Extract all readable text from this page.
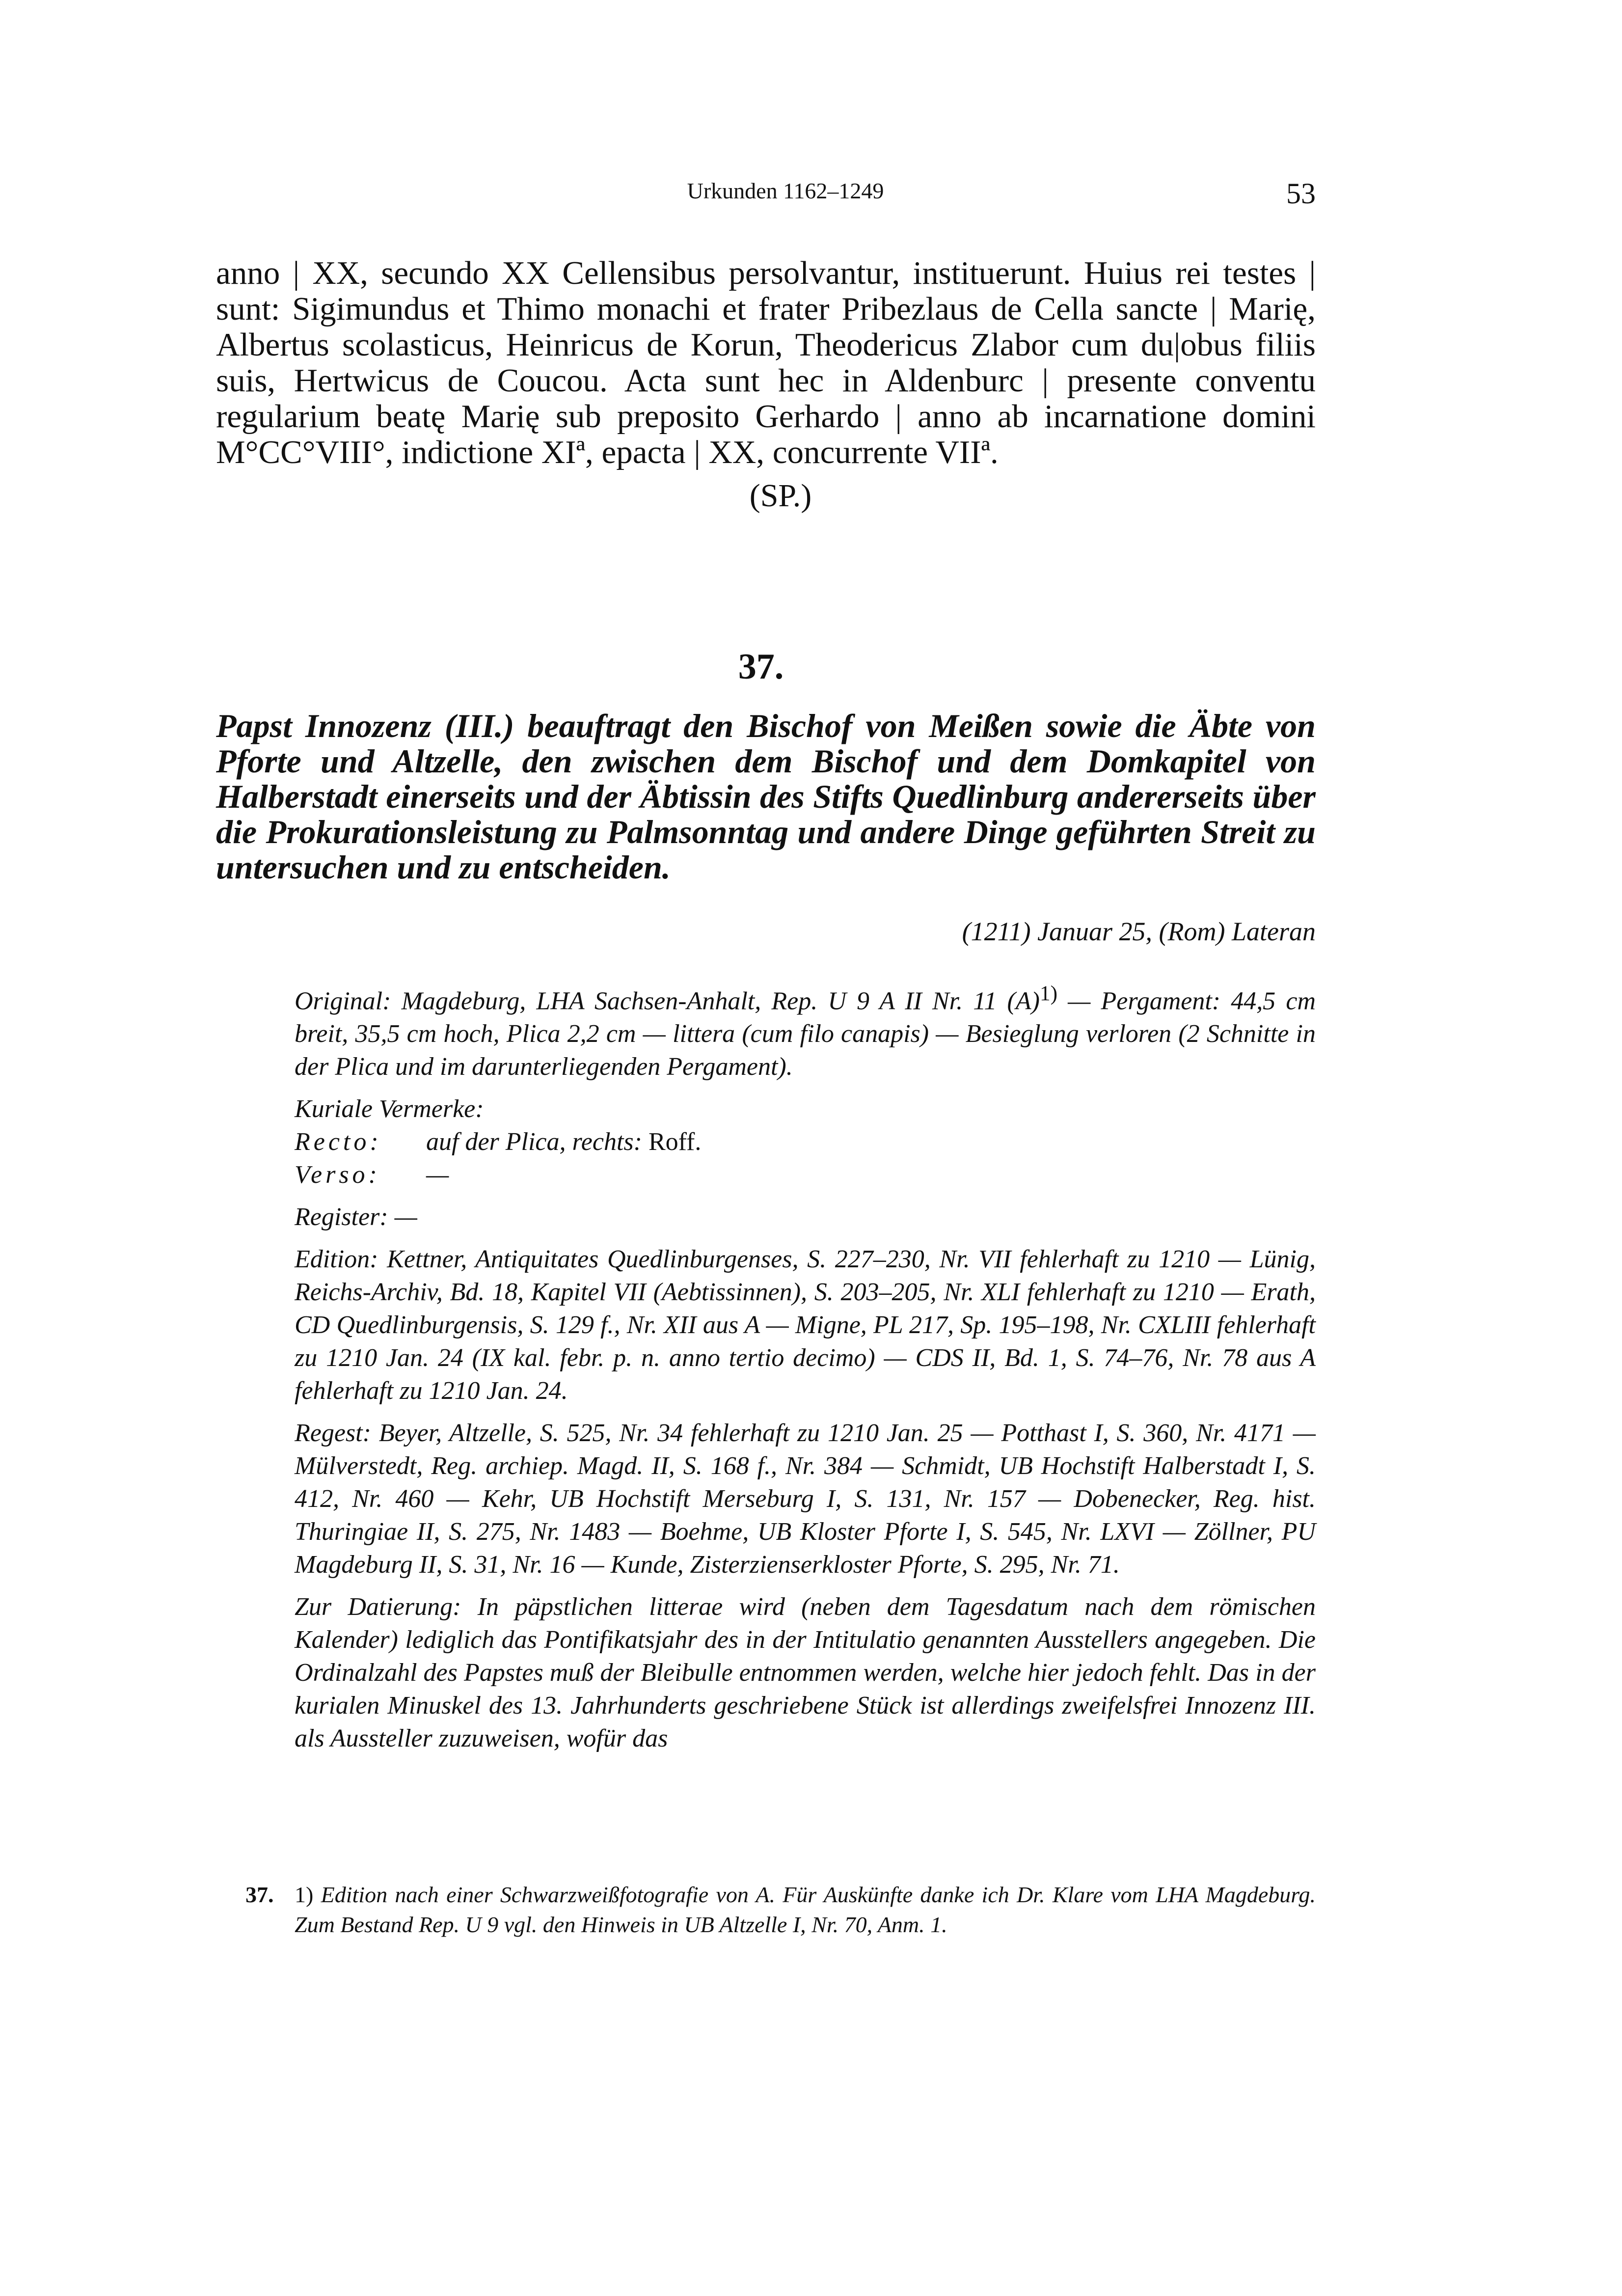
Urkunden 1162–1249	53

anno | XX, secundo XX Cellensibus persolvantur, instituerunt. Huius rei testes | sunt: Sigimundus et Thimo monachi et frater Pribezlaus de Cella sancte | Marię, Albertus scolasticus, Heinricus de Korun, Theodericus Zlabor cum du|obus filiis suis, Hertwicus de Coucou. Acta sunt hec in Aldenburc | presente conventu regularium beatę Marię sub preposito Gerhardo | anno ab incarnatione domini M°CC°VIII°, indictione XIª, epacta | XX, concurrente VIIª.

(SP.)
37.
Papst Innozenz (III.) beauftragt den Bischof von Meißen sowie die Äbte von Pforte und Altzelle, den zwischen dem Bischof und dem Domkapitel von Halberstadt einerseits und der Äbtissin des Stifts Quedlinburg andererseits über die Prokurationsleistung zu Palmsonntag und andere Dinge geführten Streit zu untersuchen und zu entscheiden.
(1211) Januar 25, (Rom) Lateran

Original: Magdeburg, LHA Sachsen-Anhalt, Rep. U 9 A II Nr. 11 $(A)^{1)}$ — Pergament: 44,5 cm breit, 35,5 cm hoch, Plica 2,2 cm — littera (cum filo canapis) — Besieglung verloren (2 Schnitte in der Plica und im darunterliegenden Pergament).

Kuriale Vermerke:

Recto: auf der Plica, rechts: Roff.

Verso: —

Register: —

Edition: Kettner, Antiquitates Quedlinburgenses, S. 227–230, Nr. VII fehlerhaft zu 1210 — Lünig, Reichs-Archiv, Bd. 18, Kapitel VII (Aebtissinnen), S. 203–205, Nr. XLI fehlerhaft zu 1210 — Erath, CD Quedlinburgensis, S. 129 f., Nr. XII aus A — Migne, PL 217, Sp. 195–198, Nr. CXLIII fehlerhaft zu 1210 Jan. 24 (IX kal. febr. p. n. anno tertio decimo) — CDS II, Bd. 1, S. 74–76, Nr. 78 aus A fehlerhaft zu 1210 Jan. 24.

Regest: Beyer, Altzelle, S. 525, Nr. 34 fehlerhaft zu 1210 Jan. 25 — Potthast I, S. 360, Nr. 4171 — Mülverstedt, Reg. archiep. Magd. II, S. 168 f., Nr. 384 — Schmidt, UB Hochstift Halberstadt I, S. 412, Nr. 460 — Kehr, UB Hochstift Merseburg I, S. 131, Nr. 157 — Dobenecker, Reg. hist. Thuringiae II, S. 275, Nr. 1483 — Boehme, UB Kloster Pforte I, S. 545, Nr. LXVI — Zöllner, PU Magdeburg II, S. 31, Nr. 16 — Kunde, Zisterzienserkloster Pforte, S. 295, Nr. 71.

Zur Datierung: In päpstlichen litterae wird (neben dem Tagesdatum nach dem römischen Kalender) lediglich das Pontifikatsjahr des in der Intitulatio genannten Ausstellers angegeben. Die Ordinalzahl des Papstes muß der Bleibulle entnommen werden, welche hier jedoch fehlt. Das in der kurialen Minuskel des 13. Jahrhunderts geschriebene Stück ist allerdings zweifelsfrei Innozenz III. als Aussteller zuzuweisen, wofür das

37. 1) Edition nach einer Schwarzweißfotografie von A. Für Auskünfte danke ich Dr. Klare vom LHA Magdeburg. Zum Bestand Rep. U 9 vgl. den Hinweis in UB Altzelle I, Nr. 70, Anm. 1.
